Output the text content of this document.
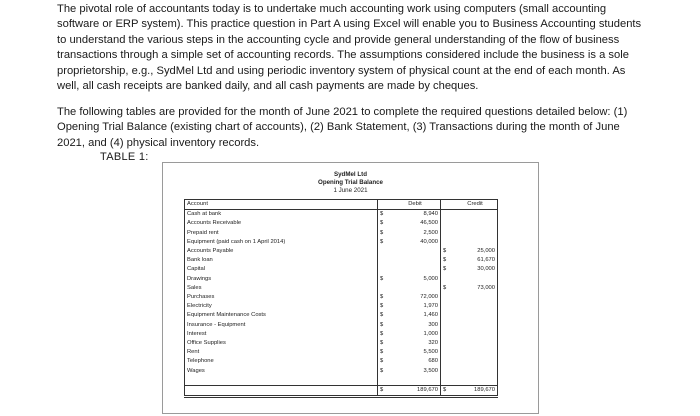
The pivotal role of accountants today is to undertake much accounting work using computers (small accounting software or ERP system). This practice question in Part A using Excel will enable you to Business Accounting students to understand the various steps in the accounting cycle and provide general understanding of the flow of business transactions through a simple set of accounting records. The assumptions considered include the business is a sole proprietorship, e.g., SydMel Ltd and using periodic inventory system of physical count at the end of each month. As well, all cash receipts are banked daily, and all cash payments are made by cheques.

The following tables are provided for the month of June 2021 to complete the required questions detailed below: (1) Opening Trial Balance (existing chart of accounts), (2) Bank Statement, (3) Transactions during the month of June 2021, and (4) physical inventory records.

TABLE 1:
SydMel Ltd
Opening Trial Balance
1 June 2021
Account		Debit		Credit
Cash at bank	$	8,940		
Accounts Receivable	$	46,500		
Prepaid rent	$	2,500		
Equipment (paid cash on 1 April 2014)	$	40,000		
Accounts Payable			$	25,000
Bank loan			$	61,670
Capital			$	30,000
Drawings	$	5,000		
Sales			$	73,000
Purchases	$	72,000		
Electricity	$	1,970		
Equipment Maintenance Costs	$	1,460		
Insurance - Equipment	$	300		
Interest	$	1,000		
Office Supplies	$	320		
Rent	$	5,500		
Telephone	$	680		
Wages	$	3,500		

	$	189,670	$	189,670
